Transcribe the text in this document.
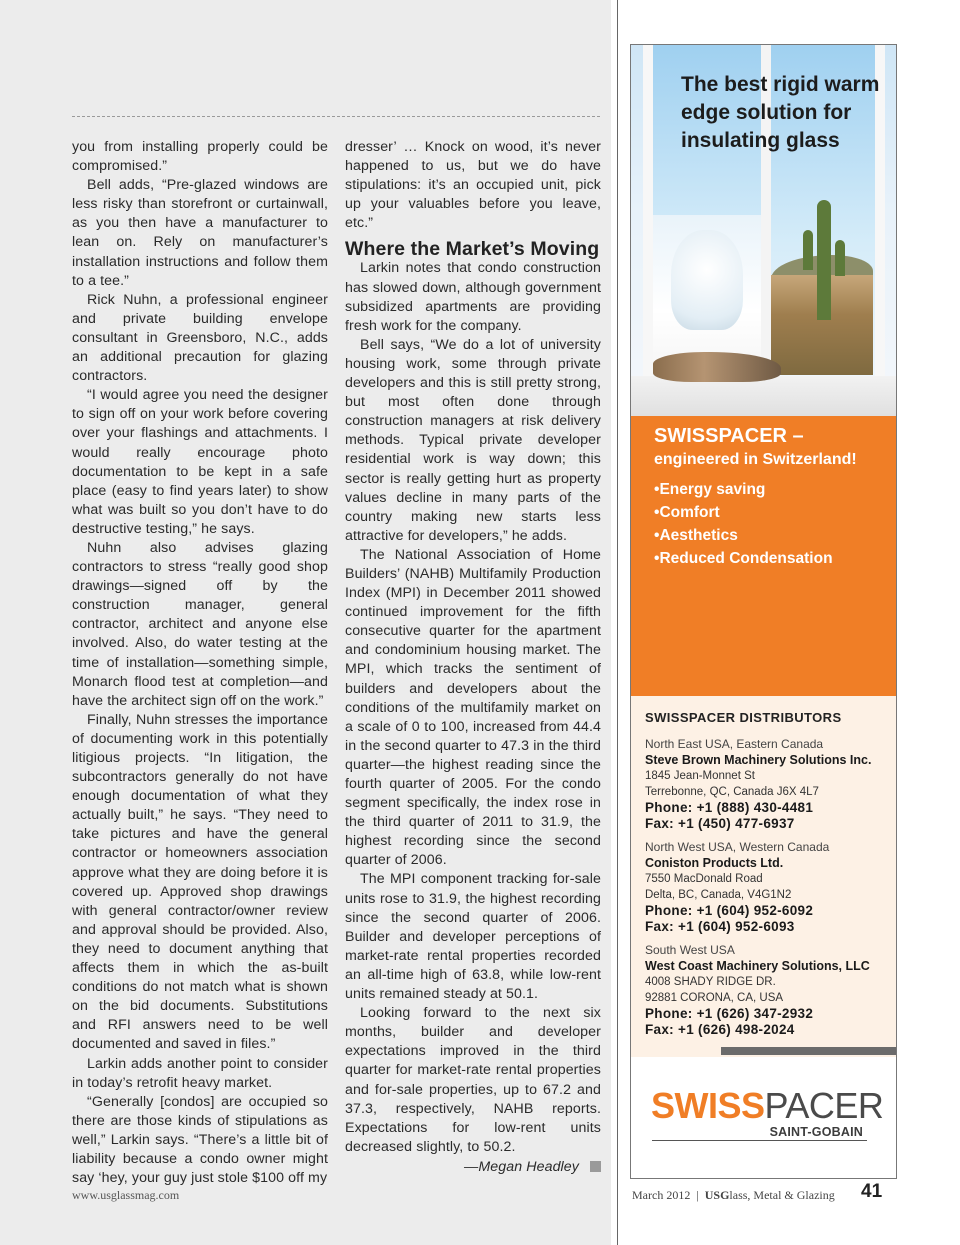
you from installing properly could be compromised.”

Bell adds, “Pre-glazed windows are less risky than storefront or curtainwall, as you then have a manufacturer to lean on. Rely on manufacturer’s installation instructions and follow them to a tee.”

Rick Nuhn, a professional engineer and private building envelope consultant in Greensboro, N.C., adds an additional precaution for glazing contractors.

“I would agree you need the designer to sign off on your work before covering over your flashings and attachments. I would really encourage photo documentation to be kept in a safe place (easy to find years later) to show what was built so you don’t have to do destructive testing,” he says.

Nuhn also advises glazing contractors to stress “really good shop drawings—signed off by the construction manager, general contractor, architect and anyone else involved. Also, do water testing at the time of installation—something simple, Monarch flood test at completion—and have the architect sign off on the work.”

Finally, Nuhn stresses the importance of documenting work in this potentially litigious projects. “In litigation, the subcontractors generally do not have enough documentation of what they actually built,” he says. “They need to take pictures and have the general contractor or homeowners association approve what they are doing before it is covered up. Approved shop drawings with general contractor/owner review and approval should be provided. Also, they need to document anything that affects them in which the as-built conditions do not match what is shown on the bid documents. Substitutions and RFI answers need to be well documented and saved in files.”

Larkin adds another point to consider in today’s retrofit heavy market.

“Generally [condos] are occupied so there are those kinds of stipulations as well,” Larkin says. “There’s a little bit of liability because a condo owner might say ‘hey, your guy just stole $100 off my

dresser’ … Knock on wood, it’s never happened to us, but we do have stipulations: it’s an occupied unit, pick up your valuables before you leave, etc.”

Where the Market’s Moving

Larkin notes that condo construction has slowed down, although government subsidized apartments are providing fresh work for the company.

Bell says, “We do a lot of university housing work, some through private developers and this is still pretty strong, but most often done through construction managers at risk delivery methods. Typical private developer residential work is way down; this sector is really getting hurt as property values decline in many parts of the country making new starts less attractive for developers,” he adds.

The National Association of Home Builders’ (NAHB) Multifamily Production Index (MPI) in December 2011 showed continued improvement for the fifth consecutive quarter for the apartment and condominium housing market. The MPI, which tracks the sentiment of builders and developers about the conditions of the multifamily market on a scale of 0 to 100, increased from 44.4 in the second quarter to 47.3 in the third quarter—the highest reading since the fourth quarter of 2005. For the condo segment specifically, the index rose in the third quarter of 2011 to 31.9, the highest recording since the second quarter of 2006.

The MPI component tracking for-sale units rose to 31.9, the highest recording since the second quarter of 2006. Builder and developer perceptions of market-rate rental properties recorded an all-time high of 63.8, while low-rent units remained steady at 50.1.

Looking forward to the next six months, builder and developer expectations improved in the third quarter for market-rate rental properties and for-sale properties, up to 67.2 and 37.3, respectively, NAHB reports. Expectations for low-rent units decreased slightly, to 50.2.

—Megan Headley
The best rigid warm edge solution for insulating glass
SWISSPACER –
engineered in Switzerland!
• Energy saving
• Comfort
• Aesthetics
• Reduced Condensation
SWISSPACER DISTRIBUTORS
North East USA, Eastern Canada
Steve Brown Machinery Solutions Inc.
1845 Jean-Monnet St
Terrebonne, QC, Canada J6X 4L7
Phone: +1 (888) 430-4481
Fax: +1 (450) 477-6937
North West USA, Western Canada
Coniston Products Ltd.
7550 MacDonald Road
Delta, BC, Canada, V4G1N2
Phone: +1 (604) 952-6092
Fax: +1 (604) 952-6093
South West USA
West Coast Machinery Solutions, LLC
4008 SHADY RIDGE DR.
92881 CORONA, CA, USA
Phone: +1 (626) 347-2932
Fax: +1 (626) 498-2024
SWISSPACER
SAINT-GOBAIN
www.usglassmag.com	March 2012 | USGlass, Metal & Glazing 41
